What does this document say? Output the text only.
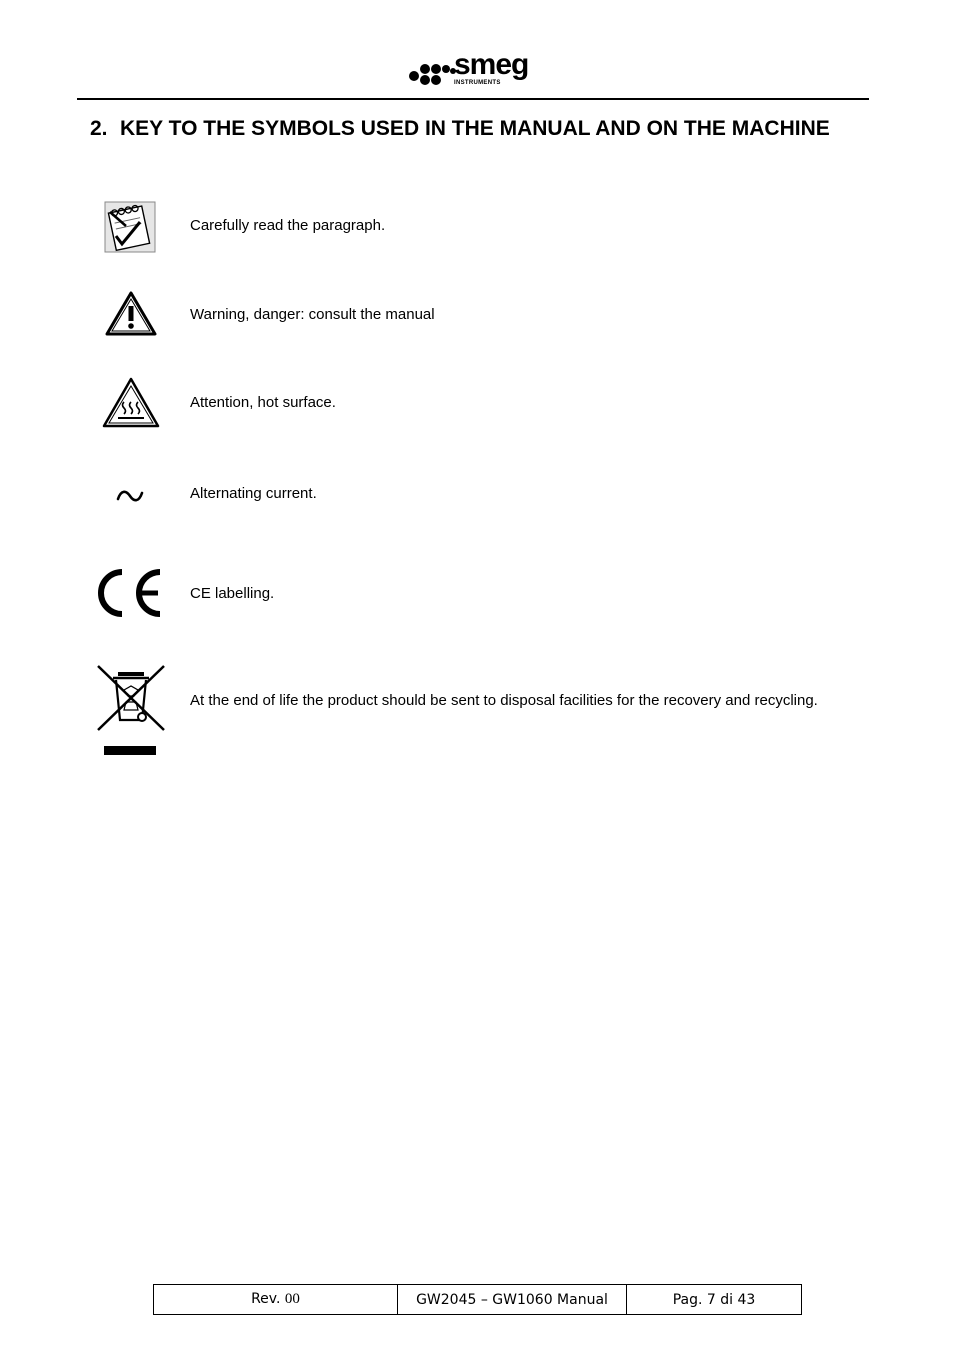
smeg
INSTRUMENTS
2. KEY TO THE SYMBOLS USED IN THE MANUAL AND ON THE MACHINE
Carefully read the paragraph.
Warning, danger: consult the manual
Attention, hot surface.
Alternating current.
CE labelling.
At the end of life the product should be sent to disposal facilities for the recovery and recycling.
Rev. 00	GW2045 – GW1060 Manual	Pag. 7 di 43
